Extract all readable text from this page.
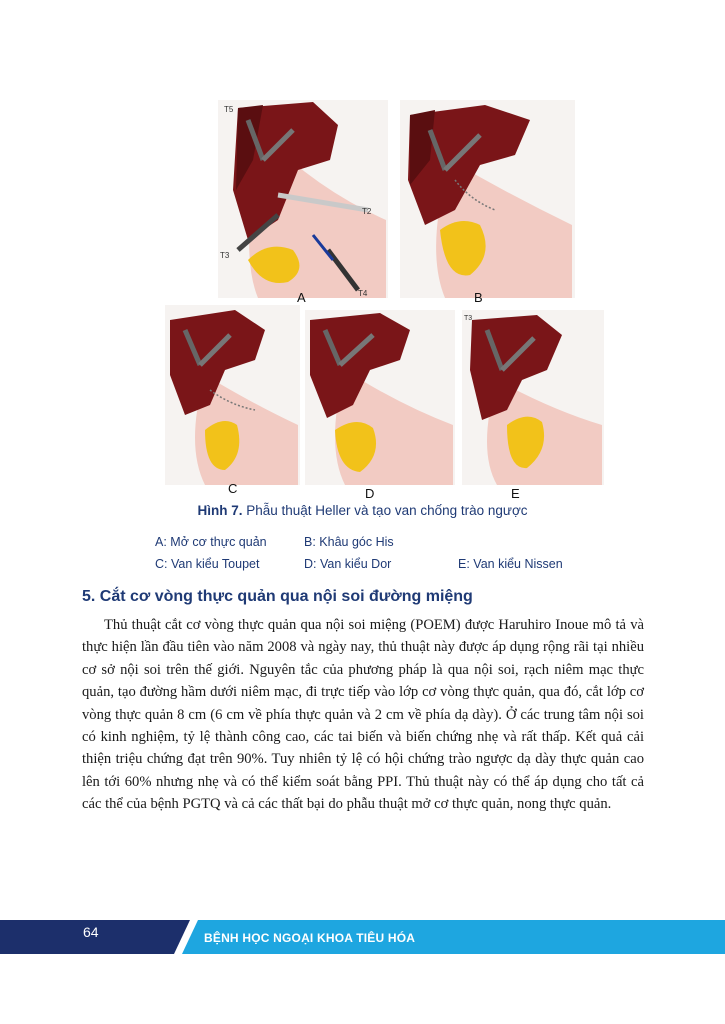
T5
T2
T3
T4
A	B
C	D
T3
E
Hình 7. Phẫu thuật Heller và tạo van chống trào ngược
A: Mở cơ thực quản	B: Khâu góc His
C: Van kiểu Toupet	D: Van kiểu Dor	E: Van kiểu Nissen
5. Cắt cơ vòng thực quản qua nội soi đường miệng

Thủ thuật cắt cơ vòng thực quản qua nội soi miệng (POEM) được Haruhiro Inoue mô tả và thực hiện lần đầu tiên vào năm 2008 và ngày nay, thủ thuật này được áp dụng rộng rãi tại nhiều cơ sở nội soi trên thế giới. Nguyên tắc của phương pháp là qua nội soi, rạch niêm mạc thực quản, tạo đường hầm dưới niêm mạc, đi trực tiếp vào lớp cơ vòng thực quản, qua đó, cắt lớp cơ vòng thực quản 8 cm (6 cm về phía thực quản và 2 cm về phía dạ dày). Ở các trung tâm nội soi có kinh nghiệm, tỷ lệ thành công cao, các tai biến và biến chứng nhẹ và rất thấp. Kết quả cải thiện triệu chứng đạt trên 90%. Tuy nhiên tỷ lệ có hội chứng trào ngược dạ dày thực quản cao lên tới 60% nhưng nhẹ và có thể kiểm soát bằng PPI. Thủ thuật này có thể áp dụng cho tất cả các thể của bệnh PGTQ và cả các thất bại do phẫu thuật mở cơ thực quản, nong thực quản.

64	BỆNH HỌC NGOẠI KHOA TIÊU HÓA
